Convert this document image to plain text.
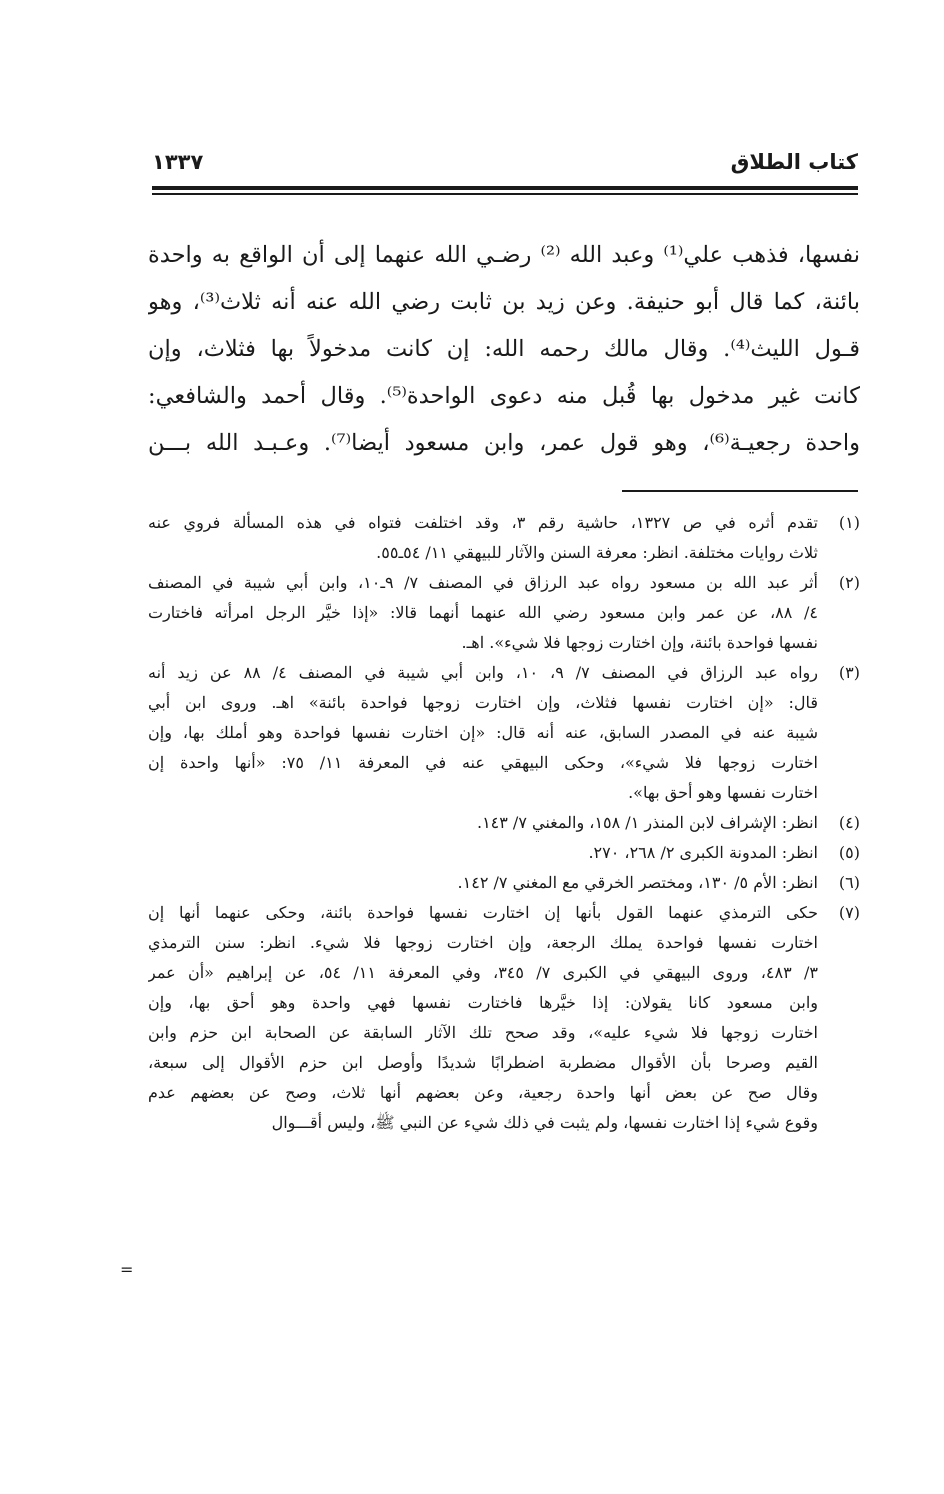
كتاب الطلاق
١٣٣٧
نفسها، فذهب علي⁽¹⁾ وعبد الله ⁽²⁾ رضـي الله عنهما إلى أن الواقع به واحدة
بائنة، كما قال أبو حنيفة. وعن زيد بن ثابت رضي الله عنه أنه ثلاث⁽³⁾، وهو
قـول الليث⁽⁴⁾. وقال مالك رحمه الله: إن كانت مدخولاً بها فثلاث، وإن
كانت غير مدخول بها قُبل منه دعوى الواحدة⁽⁵⁾. وقال أحمد والشافعي:
واحدة رجعيـة⁽⁶⁾، وهو قول عمر، وابن مسعود أيضا⁽⁷⁾. وعـبـد الله بـــن
(١)
تقدم أثره في ص ١٣٢٧، حاشية رقم ٣، وقد اختلفت فتواه في هذه المسألة فروي عنه
ثلاث روايات مختلفة. انظر: معرفة السنن والآثار للبيهقي ١١/ ٥٤ـ٥٥.
(٢)
أثر عبد الله بن مسعود رواه عبد الرزاق في المصنف ٧/ ٩ـ١٠، وابن أبي شيبة في المصنف
٤/ ٨٨، عن عمر وابن مسعود رضي الله عنهما أنهما قالا: «إذا خيَّر الرجل امرأته فاختارت
نفسها فواحدة بائنة، وإن اختارت زوجها فلا شيء». اهـ.
(٣)
رواه عبد الرزاق في المصنف ٧/ ٩، ١٠، وابن أبي شيبة في المصنف ٤/ ٨٨ عن زيد أنه
قال: «إن اختارت نفسها فثلاث، وإن اختارت زوجها فواحدة بائنة» اهـ. وروى ابن أبي
شيبة عنه في المصدر السابق، عنه أنه قال: «إن اختارت نفسها فواحدة وهو أملك بها، وإن
اختارت زوجها فلا شيء»، وحكى البيهقي عنه في المعرفة ١١/ ٧٥: «أنها واحدة إن
اختارت نفسها وهو أحق بها».
(٤)
انظر: الإشراف لابن المنذر ١/ ١٥٨، والمغني ٧/ ١٤٣.
(٥)
انظر: المدونة الكبرى ٢/ ٢٦٨، ٢٧٠.
(٦)
انظر: الأم ٥/ ١٣٠، ومختصر الخرقي مع المغني ٧/ ١٤٢.
(٧)
حكى الترمذي عنهما القول بأنها إن اختارت نفسها فواحدة بائنة، وحكى عنهما أنها إن
اختارت نفسها فواحدة يملك الرجعة، وإن اختارت زوجها فلا شيء. انظر: سنن الترمذي
٣/ ٤٨٣، وروى البيهقي في الكبرى ٧/ ٣٤٥، وفي المعرفة ١١/ ٥٤، عن إبراهيم «أن عمر
وابن مسعود كانا يقولان: إذا خيَّرها فاختارت نفسها فهي واحدة وهو أحق بها، وإن
اختارت زوجها فلا شيء عليه»، وقد صحح تلك الآثار السابقة عن الصحابة ابن حزم وابن
القيم وصرحا بأن الأقوال مضطربة اضطرابًا شديدًا وأوصل ابن حزم الأقوال إلى سبعة،
وقال صح عن بعض أنها واحدة رجعية، وعن بعضهم أنها ثلاث، وصح عن بعضهم عدم
وقوع شيء إذا اختارت نفسها، ولم يثبت في ذلك شيء عن النبي ﷺ، وليس أقـــوال
=
